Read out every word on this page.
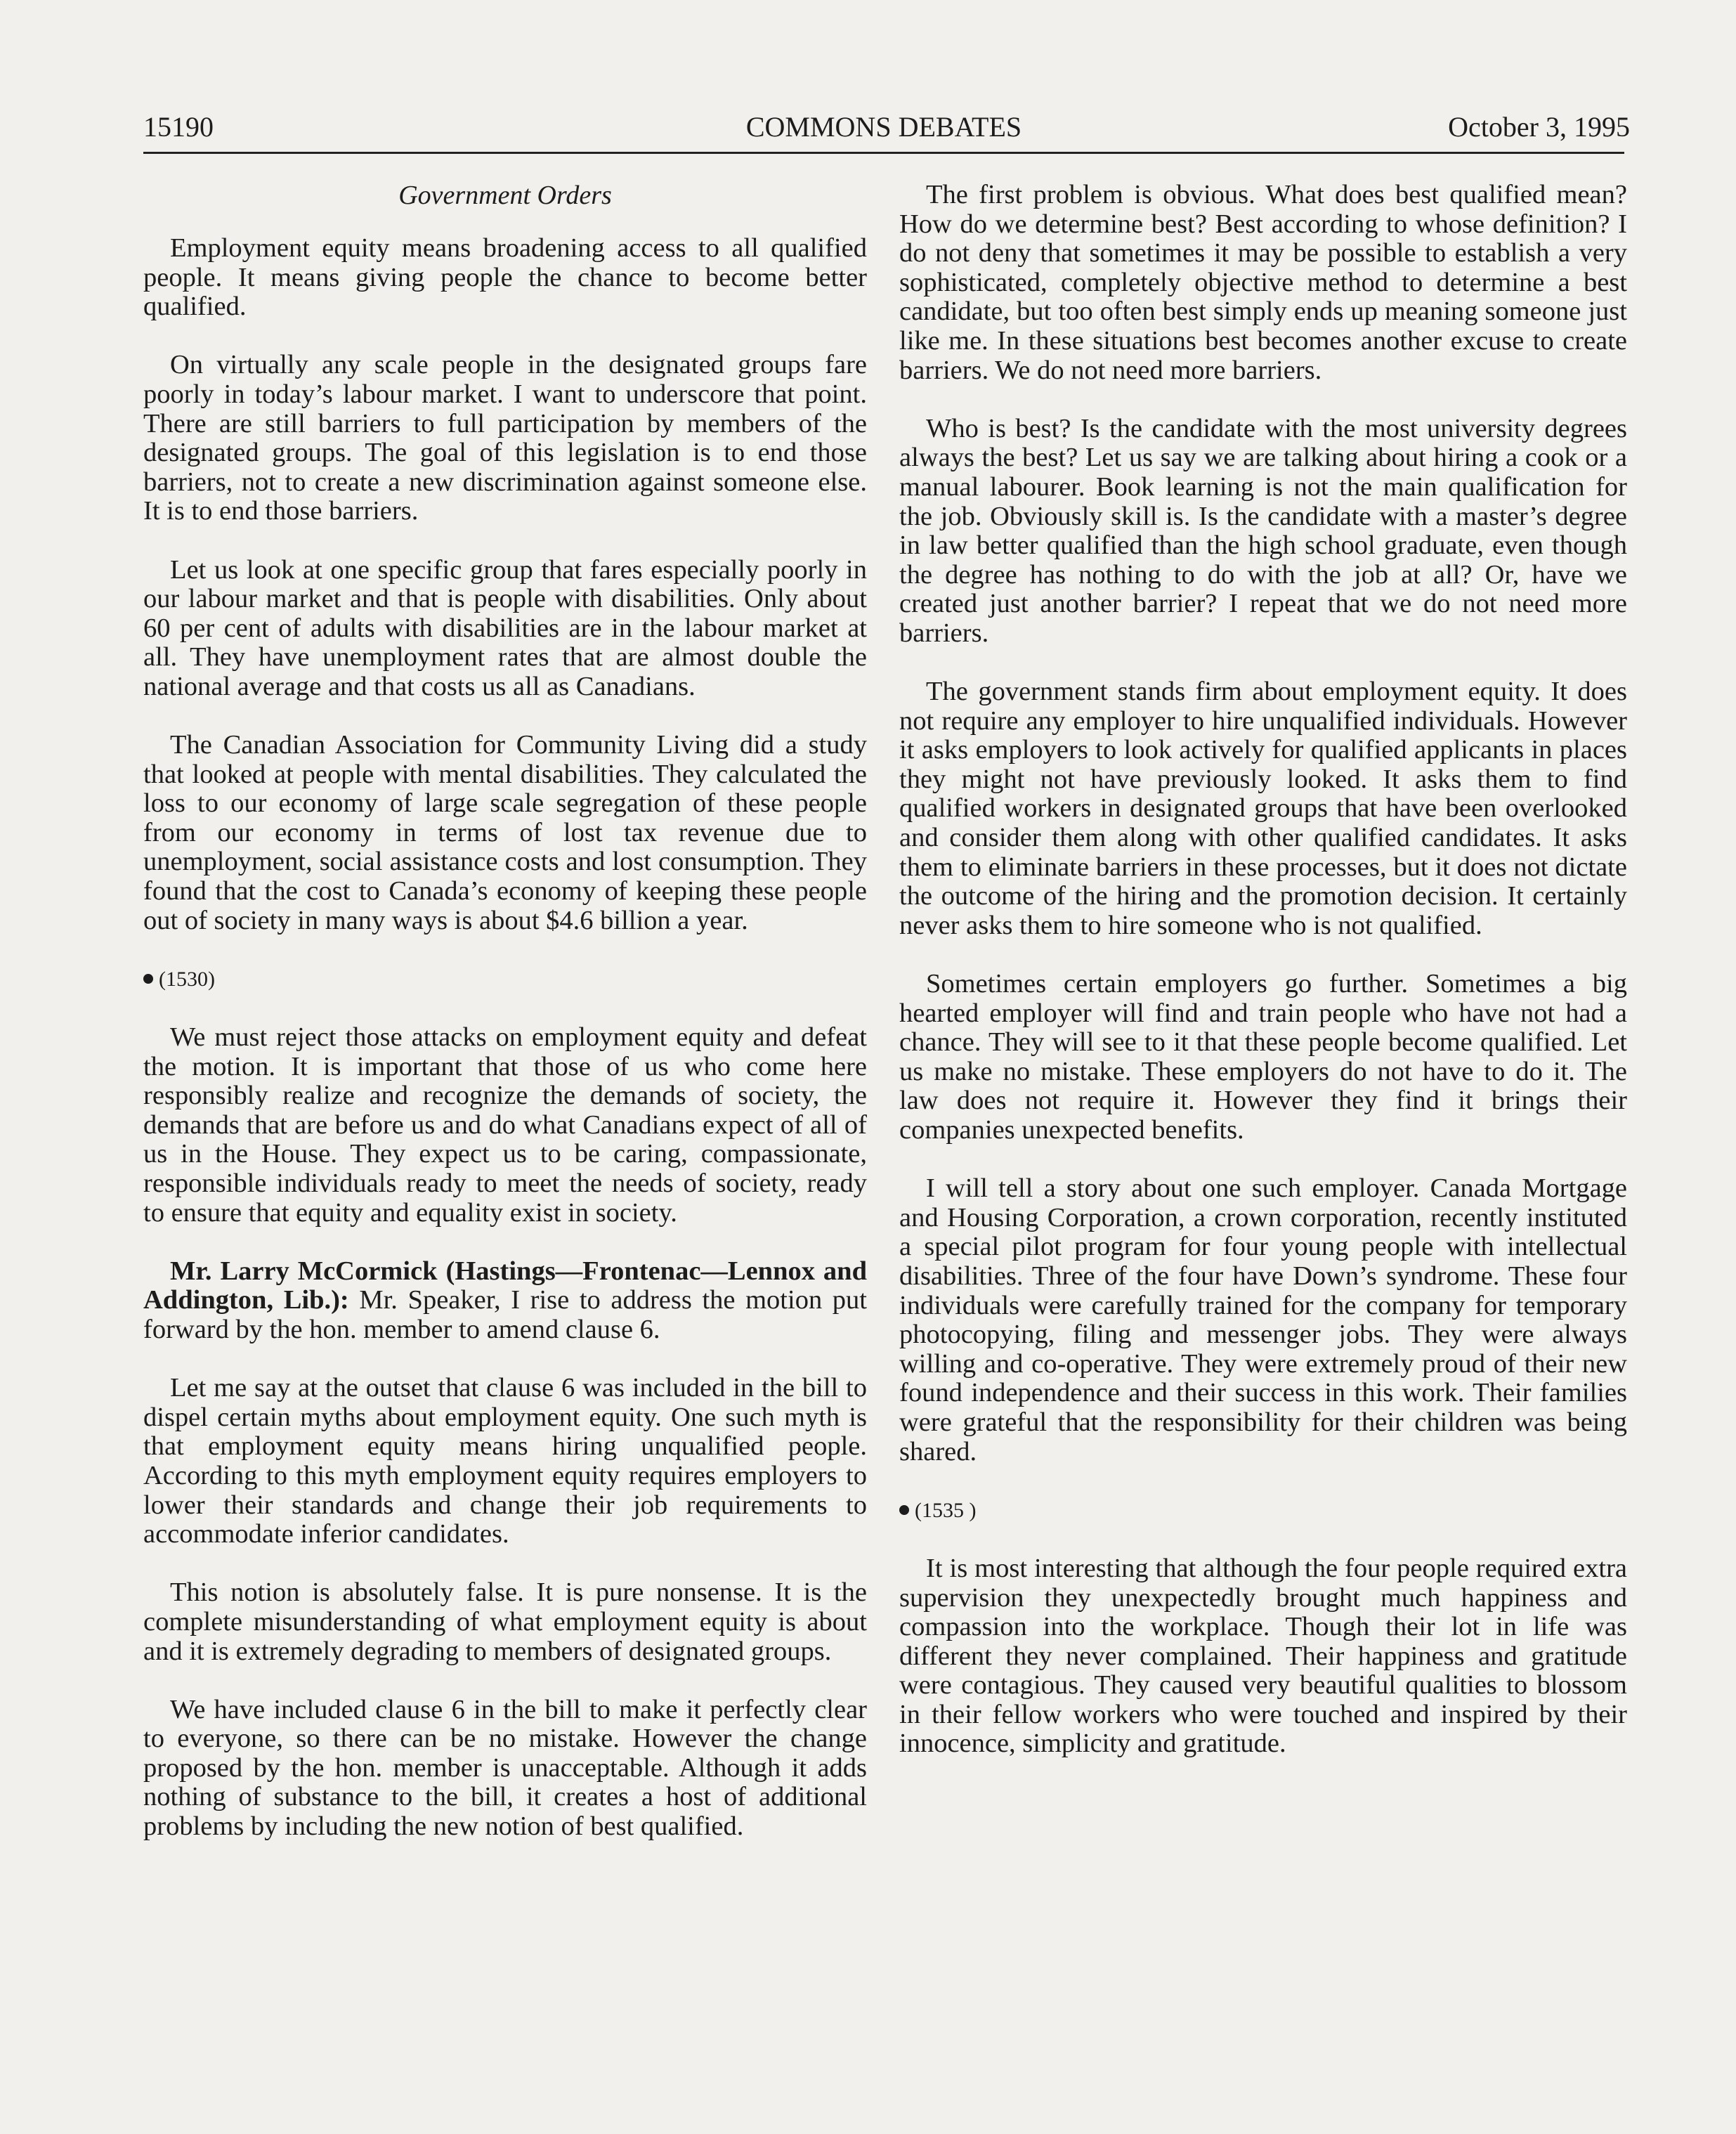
15190	COMMONS DEBATES	October 3, 1995
Government Orders

Employment equity means broadening access to all qualified people. It means giving people the chance to become better qualified.

On virtually any scale people in the designated groups fare poorly in today’s labour market. I want to underscore that point. There are still barriers to full participation by members of the designated groups. The goal of this legislation is to end those barriers, not to create a new discrimination against someone else. It is to end those barriers.

Let us look at one specific group that fares especially poorly in our labour market and that is people with disabilities. Only about 60 per cent of adults with disabilities are in the labour market at all. They have unemployment rates that are almost double the national average and that costs us all as Canadians.

The Canadian Association for Community Living did a study that looked at people with mental disabilities. They calculated the loss to our economy of large scale segregation of these people from our economy in terms of lost tax revenue due to unemployment, social assistance costs and lost consumption. They found that the cost to Canada’s economy of keeping these people out of society in many ways is about $4.6 billion a year.

(1530)

We must reject those attacks on employment equity and defeat the motion. It is important that those of us who come here responsibly realize and recognize the demands of society, the demands that are before us and do what Canadians expect of all of us in the House. They expect us to be caring, compassionate, responsible individuals ready to meet the needs of society, ready to ensure that equity and equality exist in society.

Mr. Larry McCormick (Hastings—Frontenac—Lennox and Addington, Lib.): Mr. Speaker, I rise to address the motion put forward by the hon. member to amend clause 6.

Let me say at the outset that clause 6 was included in the bill to dispel certain myths about employment equity. One such myth is that employment equity means hiring unqualified people. According to this myth employment equity requires employers to lower their standards and change their job requirements to accommodate inferior candidates.

This notion is absolutely false. It is pure nonsense. It is the complete misunderstanding of what employment equity is about and it is extremely degrading to members of designated groups.

We have included clause 6 in the bill to make it perfectly clear to everyone, so there can be no mistake. However the change proposed by the hon. member is unacceptable. Although it adds nothing of substance to the bill, it creates a host of additional problems by including the new notion of best qualified.

The first problem is obvious. What does best qualified mean? How do we determine best? Best according to whose definition? I do not deny that sometimes it may be possible to establish a very sophisticated, completely objective method to determine a best candidate, but too often best simply ends up meaning someone just like me. In these situations best becomes another excuse to create barriers. We do not need more barriers.

Who is best? Is the candidate with the most university degrees always the best? Let us say we are talking about hiring a cook or a manual labourer. Book learning is not the main qualification for the job. Obviously skill is. Is the candidate with a master’s degree in law better qualified than the high school graduate, even though the degree has nothing to do with the job at all? Or, have we created just another barrier? I repeat that we do not need more barriers.

The government stands firm about employment equity. It does not require any employer to hire unqualified individuals. However it asks employers to look actively for qualified applicants in places they might not have previously looked. It asks them to find qualified workers in designated groups that have been overlooked and consider them along with other qualified candidates. It asks them to eliminate barriers in these processes, but it does not dictate the outcome of the hiring and the promotion decision. It certainly never asks them to hire someone who is not qualified.

Sometimes certain employers go further. Sometimes a big hearted employer will find and train people who have not had a chance. They will see to it that these people become qualified. Let us make no mistake. These employers do not have to do it. The law does not require it. However they find it brings their companies unexpected benefits.

I will tell a story about one such employer. Canada Mortgage and Housing Corporation, a crown corporation, recently instituted a special pilot program for four young people with intellectual disabilities. Three of the four have Down’s syndrome. These four individuals were carefully trained for the company for temporary photocopying, filing and messenger jobs. They were always willing and co-operative. They were extremely proud of their new found independence and their success in this work. Their families were grateful that the responsibility for their children was being shared.

(1535 )

It is most interesting that although the four people required extra supervision they unexpectedly brought much happiness and compassion into the workplace. Though their lot in life was different they never complained. Their happiness and gratitude were contagious. They caused very beautiful qualities to blossom in their fellow workers who were touched and inspired by their innocence, simplicity and gratitude.
